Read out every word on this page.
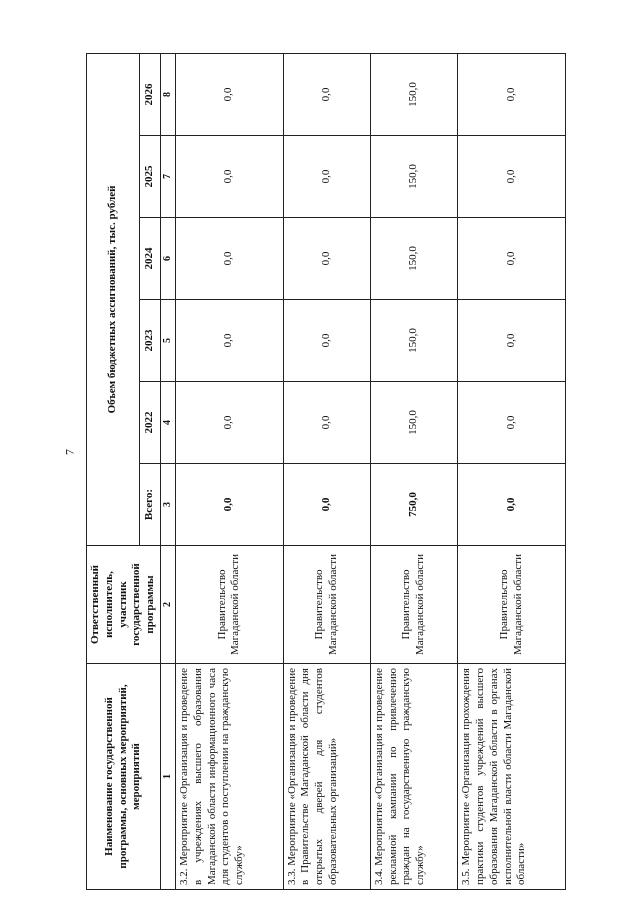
7
Наименование государственной программы, основных мероприятий, мероприятий	Ответственный исполнитель, участник государственной программы	Объем бюджетных ассигнований, тыс. рублей					
		Всего:	2022	2023	2024	2025	2026
1	2	3	4	5	6	7	8
3.2. Мероприятие «Организация и проведение в учреждениях высшего образования Магаданской области информационного часа для студентов о поступлении на гражданскую службу»	Правительство Магаданской области	0,0	0,0	0,0	0,0	0,0	0,0
3.3. Мероприятие «Организация и проведение в Правительстве Магаданской области дня открытых дверей для студентов образовательных организаций»	Правительство Магаданской области	0,0	0,0	0,0	0,0	0,0	0,0
3.4. Мероприятие «Организация и проведение рекламной кампании по привлечению граждан на государственную гражданскую службу»	Правительство Магаданской области	750,0	150,0	150,0	150,0	150,0	150,0
3.5. Мероприятие «Организация прохождения практики студентов учреждений высшего образования Магаданской области в органах исполнительной власти области Магаданской области»	Правительство Магаданской области	0,0	0,0	0,0	0,0	0,0	0,0
